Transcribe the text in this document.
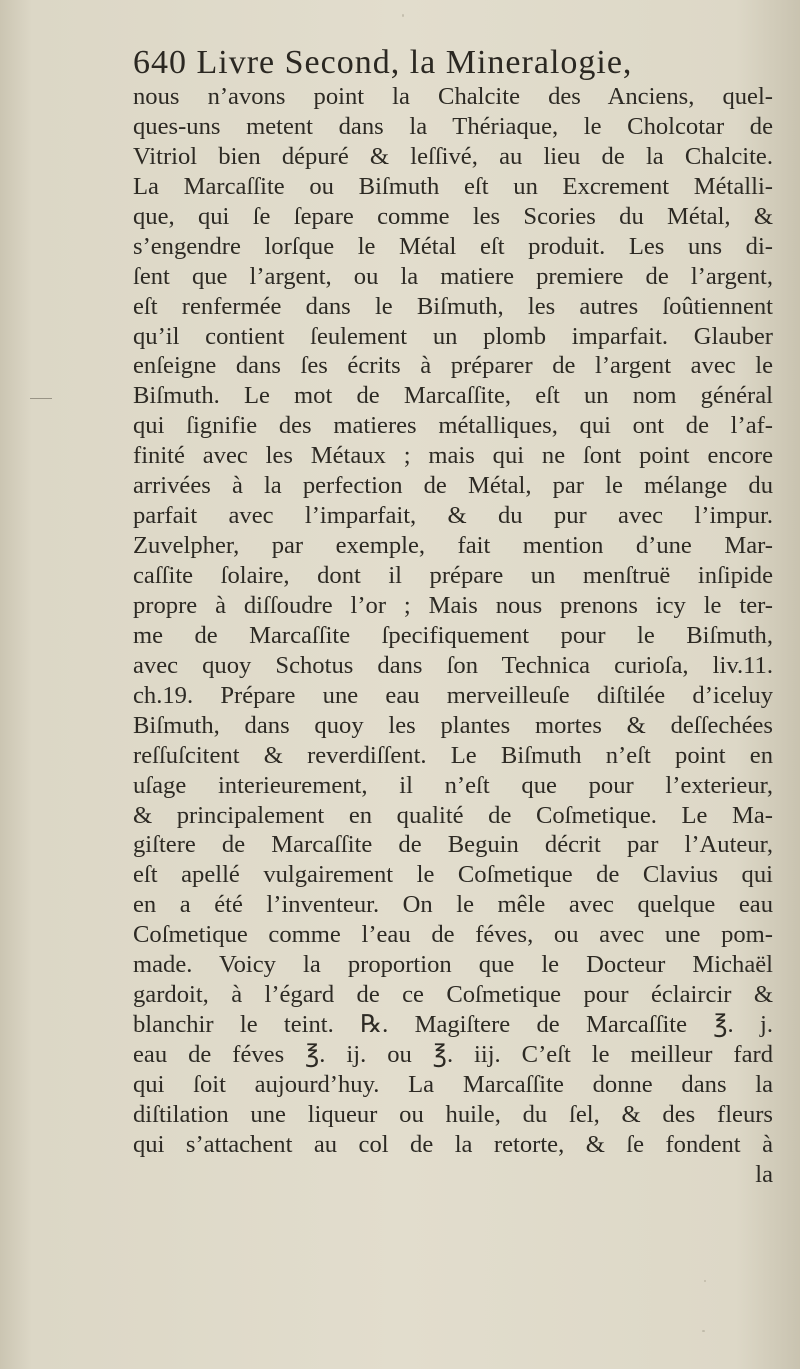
640 Livre Second, la Mineralogie,
nous n’avons point la Chalcite des Anciens, quel-
ques-uns metent dans la Thériaque, le Cholcotar de
Vitriol bien dépuré & leſſivé, au lieu de la Chalcite.
La Marcaſſite ou Biſmuth eſt un Excrement Métalli-
que, qui ſe ſepare comme les Scories du Métal, &
s’engendre lorſque le Métal eſt produit. Les uns di-
ſent que l’argent, ou la matiere premiere de l’argent,
eſt renfermée dans le Biſmuth, les autres ſoûtiennent
qu’il contient ſeulement un plomb imparfait. Glauber
enſeigne dans ſes écrits à préparer de l’argent avec le
Biſmuth. Le mot de Marcaſſite, eſt un nom général
qui ſignifie des matieres métalliques, qui ont de l’af-
finité avec les Métaux ; mais qui ne ſont point encore
arrivées à la perfection de Métal, par le mélange du
parfait avec l’imparfait, & du pur avec l’impur.
Zuvelpher, par exemple, fait mention d’une Mar-
caſſite ſolaire, dont il prépare un menſtruë inſipide
propre à diſſoudre l’or ; Mais nous prenons icy le ter-
me de Marcaſſite ſpecifiquement pour le Biſmuth,
avec quoy Schotus dans ſon Technica curioſa, liv.11.
ch.19. Prépare une eau merveilleuſe diſtilée d’iceluy
Biſmuth, dans quoy les plantes mortes & deſſechées
reſſuſcitent & reverdiſſent. Le Biſmuth n’eſt point en
uſage interieurement, il n’eſt que pour l’exterieur,
& principalement en qualité de Coſmetique. Le Ma-
giſtere de Marcaſſite de Beguin décrit par l’Auteur,
eſt apellé vulgairement le Coſmetique de Clavius qui
en a été l’inventeur. On le mêle avec quelque eau
Coſmetique comme l’eau de féves, ou avec une pom-
made. Voicy la proportion que le Docteur Michaël
gardoit, à l’égard de ce Coſmetique pour éclaircir &
blanchir le teint. ℞. Magiſtere de Marcaſſite ℥. j.
eau de féves ℥. ij. ou ℥. iij. C’eſt le meilleur fard
qui ſoit aujourd’huy. La Marcaſſite donne dans la
diſtilation une liqueur ou huile, du ſel, & des fleurs
qui s’attachent au col de la retorte, & ſe fondent à
la
